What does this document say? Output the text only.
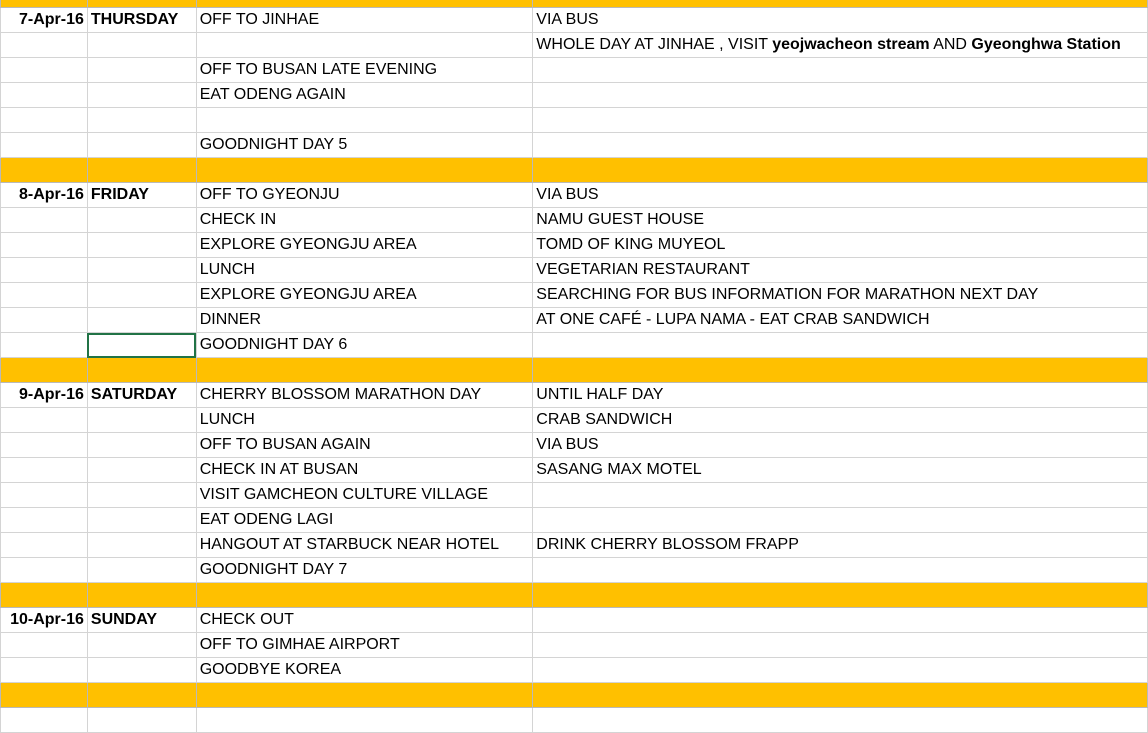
7-Apr-16	THURSDAY	OFF TO JINHAE	VIA BUS
			WHOLE DAY AT JINHAE , VISIT yeojwacheon stream AND Gyeonghwa Station
		OFF TO BUSAN LATE EVENING	
		EAT ODENG AGAIN	

		GOODNIGHT DAY 5	

8-Apr-16	FRIDAY	OFF TO GYEONJU	VIA BUS
		CHECK IN	NAMU GUEST HOUSE
		EXPLORE GYEONGJU AREA	TOMD OF KING MUYEOL
		LUNCH	VEGETARIAN RESTAURANT
		EXPLORE GYEONGJU AREA	SEARCHING FOR BUS INFORMATION FOR MARATHON NEXT DAY
		DINNER	AT ONE CAFÉ - LUPA NAMA - EAT CRAB SANDWICH
		GOODNIGHT DAY 6	

9-Apr-16	SATURDAY	CHERRY BLOSSOM MARATHON DAY	UNTIL HALF DAY
		LUNCH	CRAB SANDWICH
		OFF TO BUSAN AGAIN	VIA BUS
		CHECK IN AT BUSAN	SASANG MAX MOTEL
		VISIT GAMCHEON CULTURE VILLAGE	
		EAT ODENG LAGI	
		HANGOUT AT STARBUCK NEAR HOTEL	DRINK CHERRY BLOSSOM FRAPP
		GOODNIGHT DAY 7	

10-Apr-16	SUNDAY	CHECK OUT	
		OFF TO GIMHAE AIRPORT	
		GOODBYE KOREA	
